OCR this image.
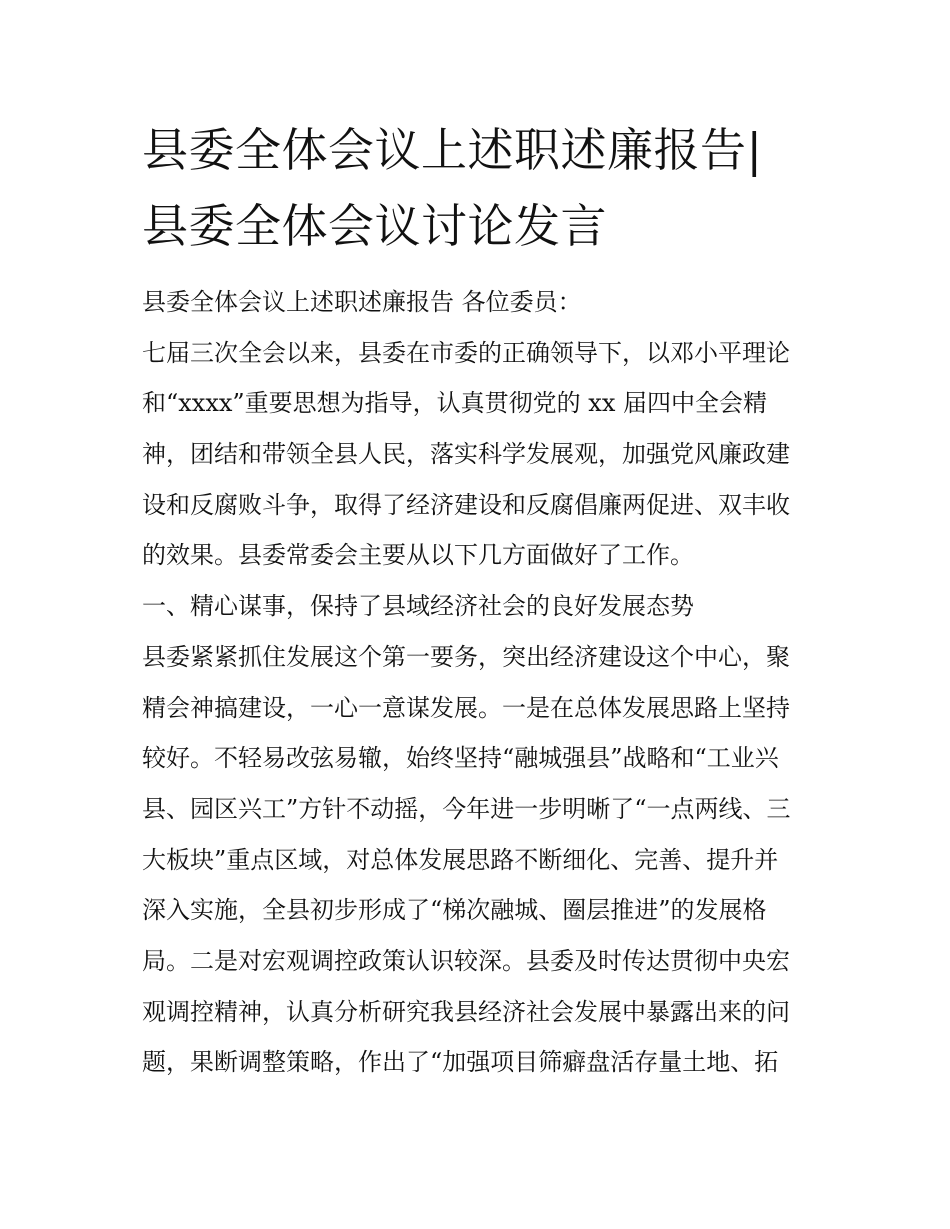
县委全体会议上述职述廉报告|
县委全体会议讨论发言
县委全体会议上述职述廉报告 各位委员：
七届三次全会以来，县委在市委的正确领导下，以邓小平理论
和“xxxx”重要思想为指导，认真贯彻党的 xx 届四中全会精
神，团结和带领全县人民，落实科学发展观，加强党风廉政建
设和反腐败斗争，取得了经济建设和反腐倡廉两促进、双丰收
的效果。县委常委会主要从以下几方面做好了工作。
一、精心谋事，保持了县域经济社会的良好发展态势
县委紧紧抓住发展这个第一要务，突出经济建设这个中心，聚
精会神搞建设，一心一意谋发展。一是在总体发展思路上坚持
较好。不轻易改弦易辙，始终坚持“融城强县”战略和“工业兴
县、园区兴工”方针不动摇，今年进一步明晰了“一点两线、三
大板块”重点区域，对总体发展思路不断细化、完善、提升并
深入实施，全县初步形成了“梯次融城、圈层推进”的发展格
局。二是对宏观调控政策认识较深。县委及时传达贯彻中央宏
观调控精神，认真分析研究我县经济社会发展中暴露出来的问
题，果断调整策略，作出了“加强项目筛癖盘活存量土地、拓
